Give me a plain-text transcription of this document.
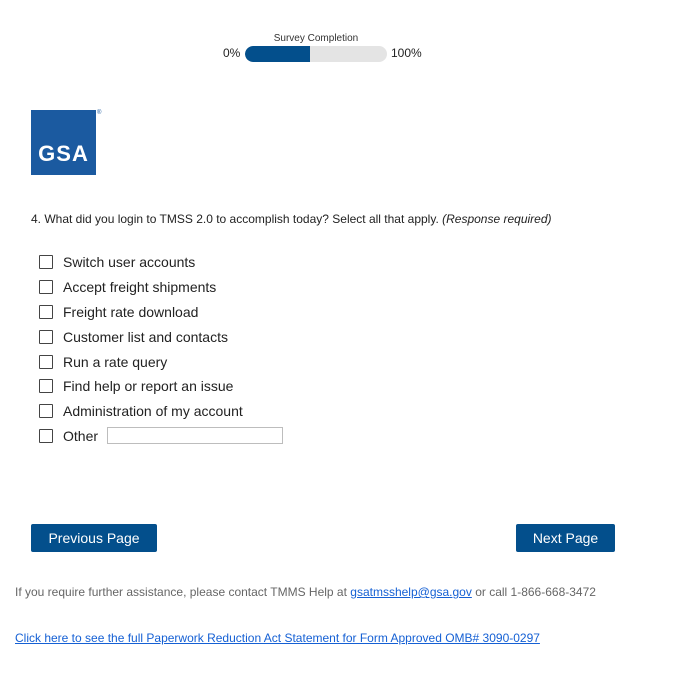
Survey Completion
0%	100%
GSA
®
4. What did you login to TMSS 2.0 to accomplish today? Select all that apply. (Response required)
Switch user accounts
Accept freight shipments
Freight rate download
Customer list and contacts
Run a rate query
Find help or report an issue
Administration of my account
Other
Previous Page	Next Page
If you require further assistance, please contact TMMS Help at gsatmsshelp@gsa.gov or call 1-866-668-3472
Click here to see the full Paperwork Reduction Act Statement for Form Approved OMB# 3090-0297
